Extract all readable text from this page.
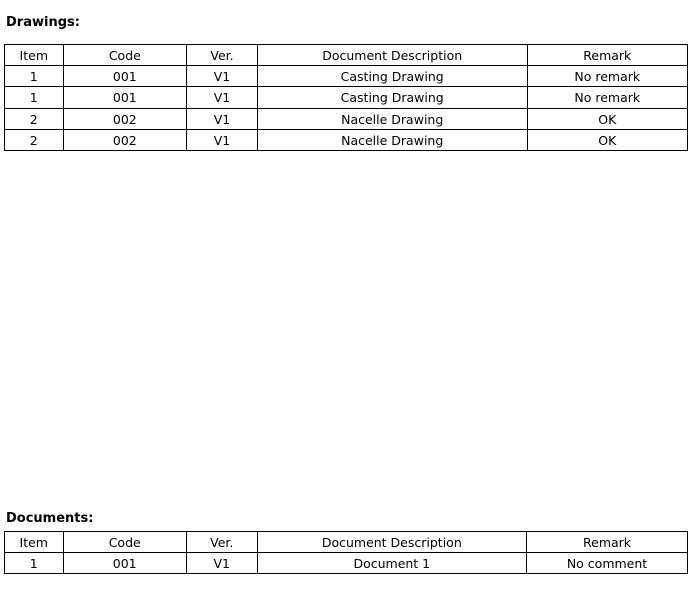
Drawings:
Item	Code	Ver.	Document Description	Remark
1	001	V1	Casting Drawing	No remark
1	001	V1	Casting Drawing	No remark
2	002	V1	Nacelle Drawing	OK
2	002	V1	Nacelle Drawing	OK
Documents:
Item	Code	Ver.	Document Description	Remark
1	001	V1	Document 1	No comment
